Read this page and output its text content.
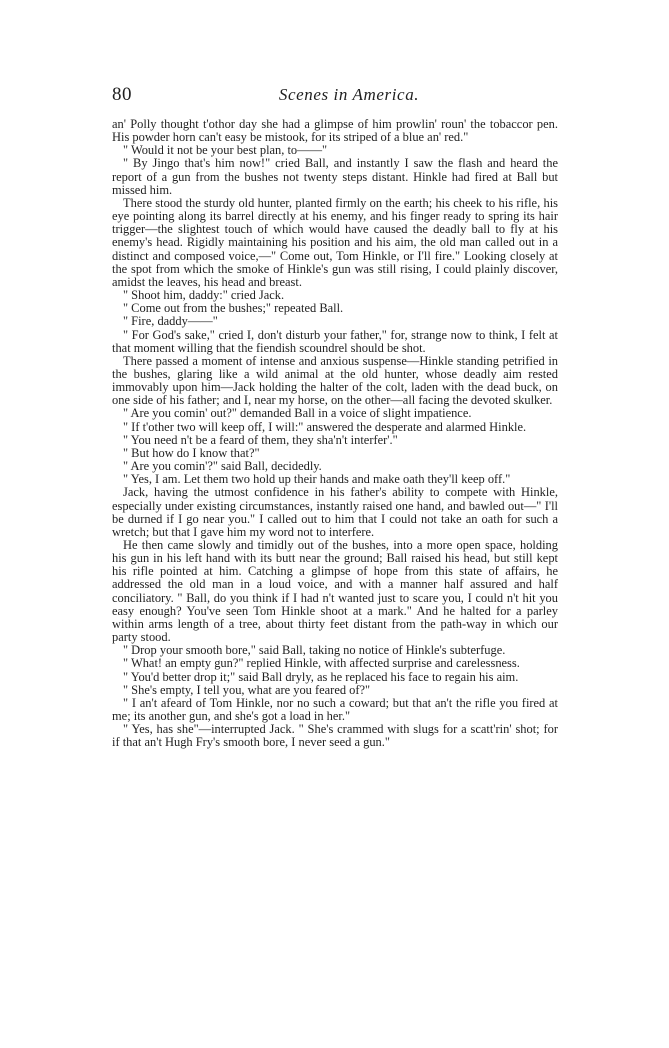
80	Scenes in America.

an' Polly thought t'othor day she had a glimpse of him prowlin' roun' the tobaccor pen. His powder horn can't easy be mistook, for its striped of a blue an' red."

" Would it not be your best plan, to——"

" By Jingo that's him now!" cried Ball, and instantly I saw the flash and heard the report of a gun from the bushes not twenty steps distant. Hinkle had fired at Ball but missed him.

There stood the sturdy old hunter, planted firmly on the earth; his cheek to his rifle, his eye pointing along its barrel directly at his enemy, and his finger ready to spring its hair trigger—the slightest touch of which would have caused the deadly ball to fly at his enemy's head. Rigidly maintaining his position and his aim, the old man called out in a distinct and composed voice,—" Come out, Tom Hinkle, or I'll fire." Looking closely at the spot from which the smoke of Hinkle's gun was still rising, I could plainly discover, amidst the leaves, his head and breast.

" Shoot him, daddy:" cried Jack.

" Come out from the bushes;" repeated Ball.

" Fire, daddy——"

" For God's sake," cried I, don't disturb your father," for, strange now to think, I felt at that moment willing that the fiendish scoundrel should be shot.

There passed a moment of intense and anxious suspense—Hinkle standing petrified in the bushes, glaring like a wild animal at the old hunter, whose deadly aim rested immovably upon him—Jack holding the halter of the colt, laden with the dead buck, on one side of his father; and I, near my horse, on the other—all facing the devoted skulker.

" Are you comin' out?" demanded Ball in a voice of slight impatience.

" If t'other two will keep off, I will:" answered the desperate and alarmed Hinkle.

" You need n't be a feard of them, they sha'n't interfer'."

" But how do I know that?"

" Are you comin'?" said Ball, decidedly.

" Yes, I am. Let them two hold up their hands and make oath they'll keep off."

Jack, having the utmost confidence in his father's ability to compete with Hinkle, especially under existing circumstances, instantly raised one hand, and bawled out—" I'll be durned if I go near you." I called out to him that I could not take an oath for such a wretch; but that I gave him my word not to interfere.

He then came slowly and timidly out of the bushes, into a more open space, holding his gun in his left hand with its butt near the ground; Ball raised his head, but still kept his rifle pointed at him. Catching a glimpse of hope from this state of affairs, he addressed the old man in a loud voice, and with a manner half assured and half conciliatory. " Ball, do you think if I had n't wanted just to scare you, I could n't hit you easy enough? You've seen Tom Hinkle shoot at a mark." And he halted for a parley within arms length of a tree, about thirty feet distant from the path-way in which our party stood.

" Drop your smooth bore," said Ball, taking no notice of Hinkle's subterfuge.

" What! an empty gun?" replied Hinkle, with affected surprise and carelessness.

" You'd better drop it;" said Ball dryly, as he replaced his face to regain his aim.

" She's empty, I tell you, what are you feared of?"

" I an't afeard of Tom Hinkle, nor no such a coward; but that an't the rifle you fired at me; its another gun, and she's got a load in her."

" Yes, has she"—interrupted Jack. " She's crammed with slugs for a scatt'rin' shot; for if that an't Hugh Fry's smooth bore, I never seed a gun."
